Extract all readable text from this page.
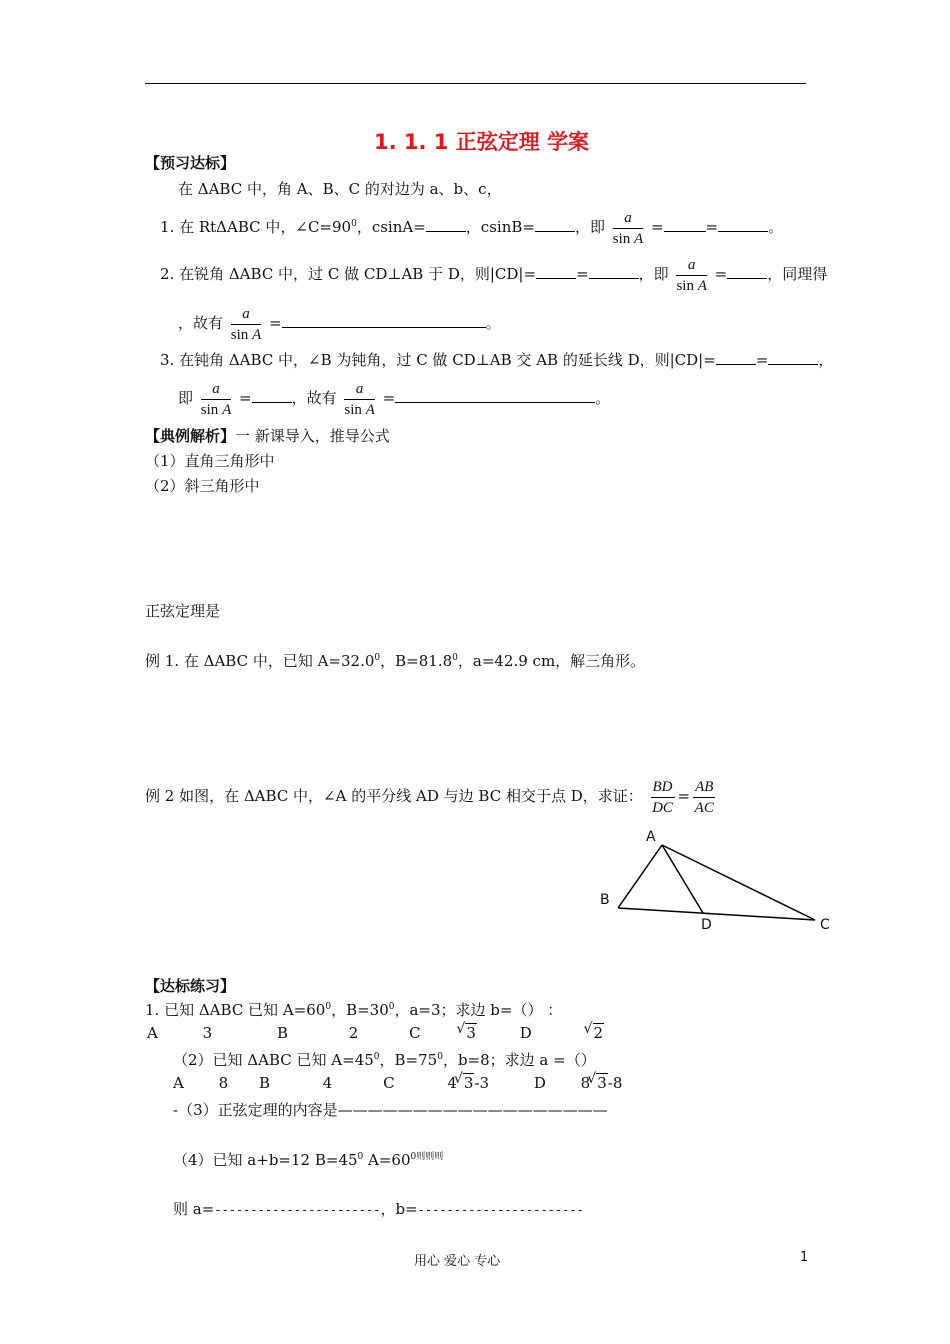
1. 1. 1 正弦定理 学案
【预习达标】
在 ΔABC 中，角 A、B、C 的对边为 a、b、c，
1. 在 RtΔABC 中，$\angle C=90^0$，csinA=	，csinB=	，即 $\frac{a}{\text{sin A}}$ =	=	。
2. 在锐角 ΔABC 中，过 C 做 CD⊥AB 于 D，则|CD|=	=	，即 $\frac{a}{\text{sin A}}$ =	，同理得
，故有 $\frac{a}{\text{sin A}}$ =	。
3. 在钝角 ΔABC 中，∠B 为钝角，过 C 做 CD⊥AB 交 AB 的延长线 D，则|CD|=	=	，
即 $\frac{a}{\text{sin A}}$ =	，故有 $\frac{a}{\text{sin A}}$ =	。
【典例解析】一 新课导入，推导公式
（1）直角三角形中
（2）斜三角形中
正弦定理是
例 1. 在 ΔABC 中，已知 $A=32.0^0$，$B=81.8^0$，a=42.9 cm，解三角形。
例 2 如图，在 ΔABC 中，∠A 的平分线 AD 与边 BC 相交于点 D，求证： $\frac{BD}{DC} = \frac{AB}{AC}$
A
B
C
D
【达标练习】
1. 已知 ΔABC 已知 $A=60^0$，$B=30^0$，a=3；求边 b=（） ：
A	3	B	2	C	√ 3	D	√ 2
（2）已知 ΔABC 已知 $A=45^0$，$B=75^0$，b=8；求边 a =（）
A 8 B	4	C	4 √ 3-3	D 8 √ 3-8
-（3）正弦定理的内容是——————————————————
（4）已知 a+b=12 $B=45^0$ $A=60^{0则则则}$
则 a=-----------------------，b=-----------------------
用心 爱心 专心	1
